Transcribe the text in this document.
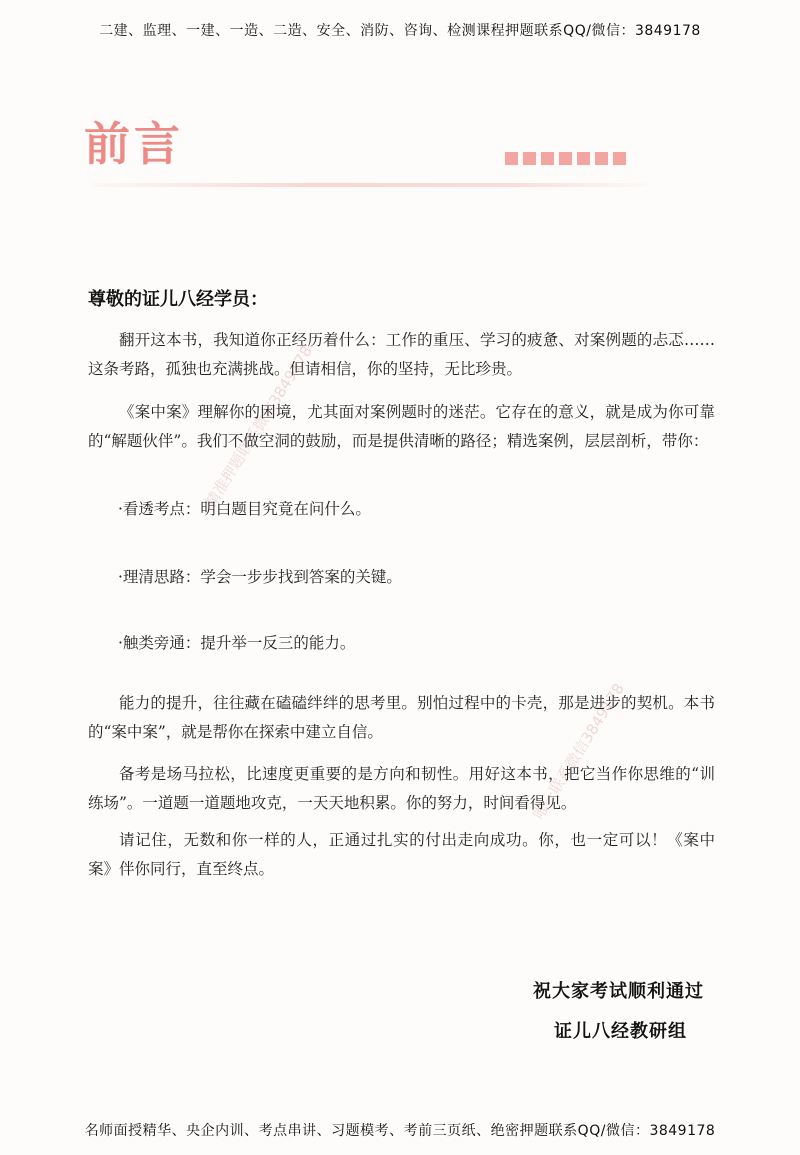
二建、监理、一建、一造、二造、安全、消防、咨询、检测课程押题联系QQ/微信：3849178
前言
精准押题联系微信3849178
唯一联系微信3849178
尊敬的证儿八经学员：
翻开这本书，我知道你正经历着什么：工作的重压、学习的疲惫、对案例题的忐忑……这条考路，孤独也充满挑战。但请相信，你的坚持，无比珍贵。
《案中案》理解你的困境，尤其面对案例题时的迷茫。它存在的意义，就是成为你可靠的“解题伙伴”。我们不做空洞的鼓励，而是提供清晰的路径；精选案例，层层剖析，带你：
·看透考点：明白题目究竟在问什么。
·理清思路：学会一步步找到答案的关键。
·触类旁通：提升举一反三的能力。
能力的提升，往往藏在磕磕绊绊的思考里。别怕过程中的卡壳，那是进步的契机。本书的“案中案”，就是帮你在探索中建立自信。
备考是场马拉松，比速度更重要的是方向和韧性。用好这本书，把它当作你思维的“训练场”。一道题一道题地攻克，一天天地积累。你的努力，时间看得见。
请记住，无数和你一样的人，正通过扎实的付出走向成功。你，也一定可以！《案中案》伴你同行，直至终点。
祝大家考试顺利通过
证儿八经教研组
名师面授精华、央企内训、考点串讲、习题模考、考前三页纸、绝密押题联系QQ/微信：3849178
